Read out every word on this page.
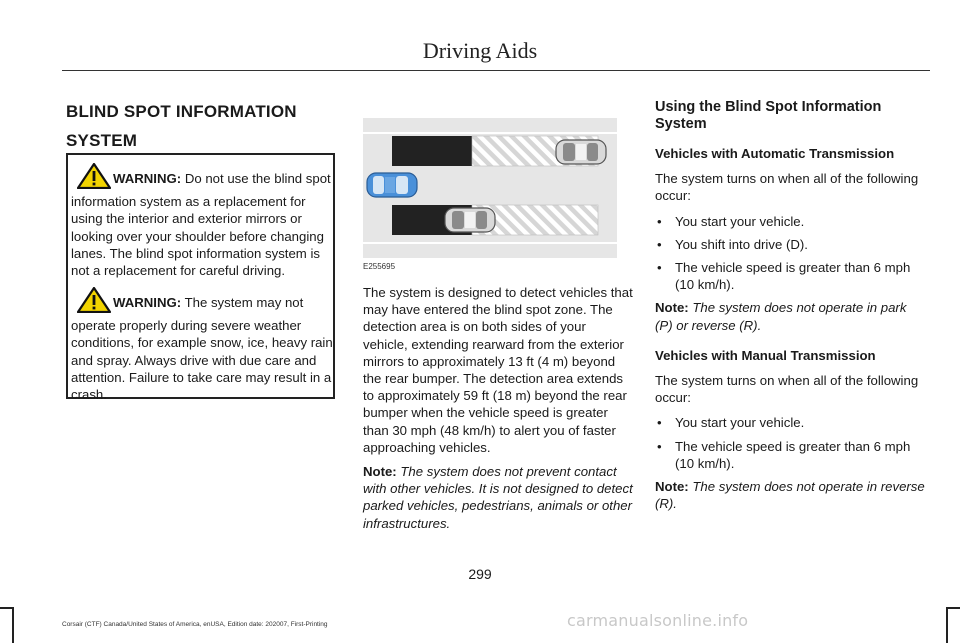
Driving Aids
BLIND SPOT INFORMATION
SYSTEM
WARNING: Do not use the blind spot information system as a replacement for using the interior and exterior mirrors or looking over your shoulder before changing lanes. The blind spot information system is not a replacement for careful driving.
WARNING: The system may not operate properly during severe weather conditions, for example snow, ice, heavy rain and spray. Always drive with due care and attention. Failure to take care may result in a crash.
E255695

The system is designed to detect vehicles that may have entered the blind spot zone. The detection area is on both sides of your vehicle, extending rearward from the exterior mirrors to approximately 13 ft (4 m) beyond the rear bumper. The detection area extends to approximately 59 ft (18 m) beyond the rear bumper when the vehicle speed is greater than 30 mph (48 km/h) to alert you of faster approaching vehicles.

Note: The system does not prevent contact with other vehicles. It is not designed to detect parked vehicles, pedestrians, animals or other infrastructures.

Using the Blind Spot Information System

Vehicles with Automatic Transmission

The system turns on when all of the following occur:

• You start your vehicle.
• You shift into drive (D).
• The vehicle speed is greater than 6 mph (10 km/h).

Note: The system does not operate in park (P) or reverse (R).

Vehicles with Manual Transmission

The system turns on when all of the following occur:

• You start your vehicle.
• The vehicle speed is greater than 6 mph (10 km/h).

Note: The system does not operate in reverse (R).

299
Corsair (CTF) Canada/United States of America, enUSA, Edition date: 202007, First-Printing	carmanualsonline.info
